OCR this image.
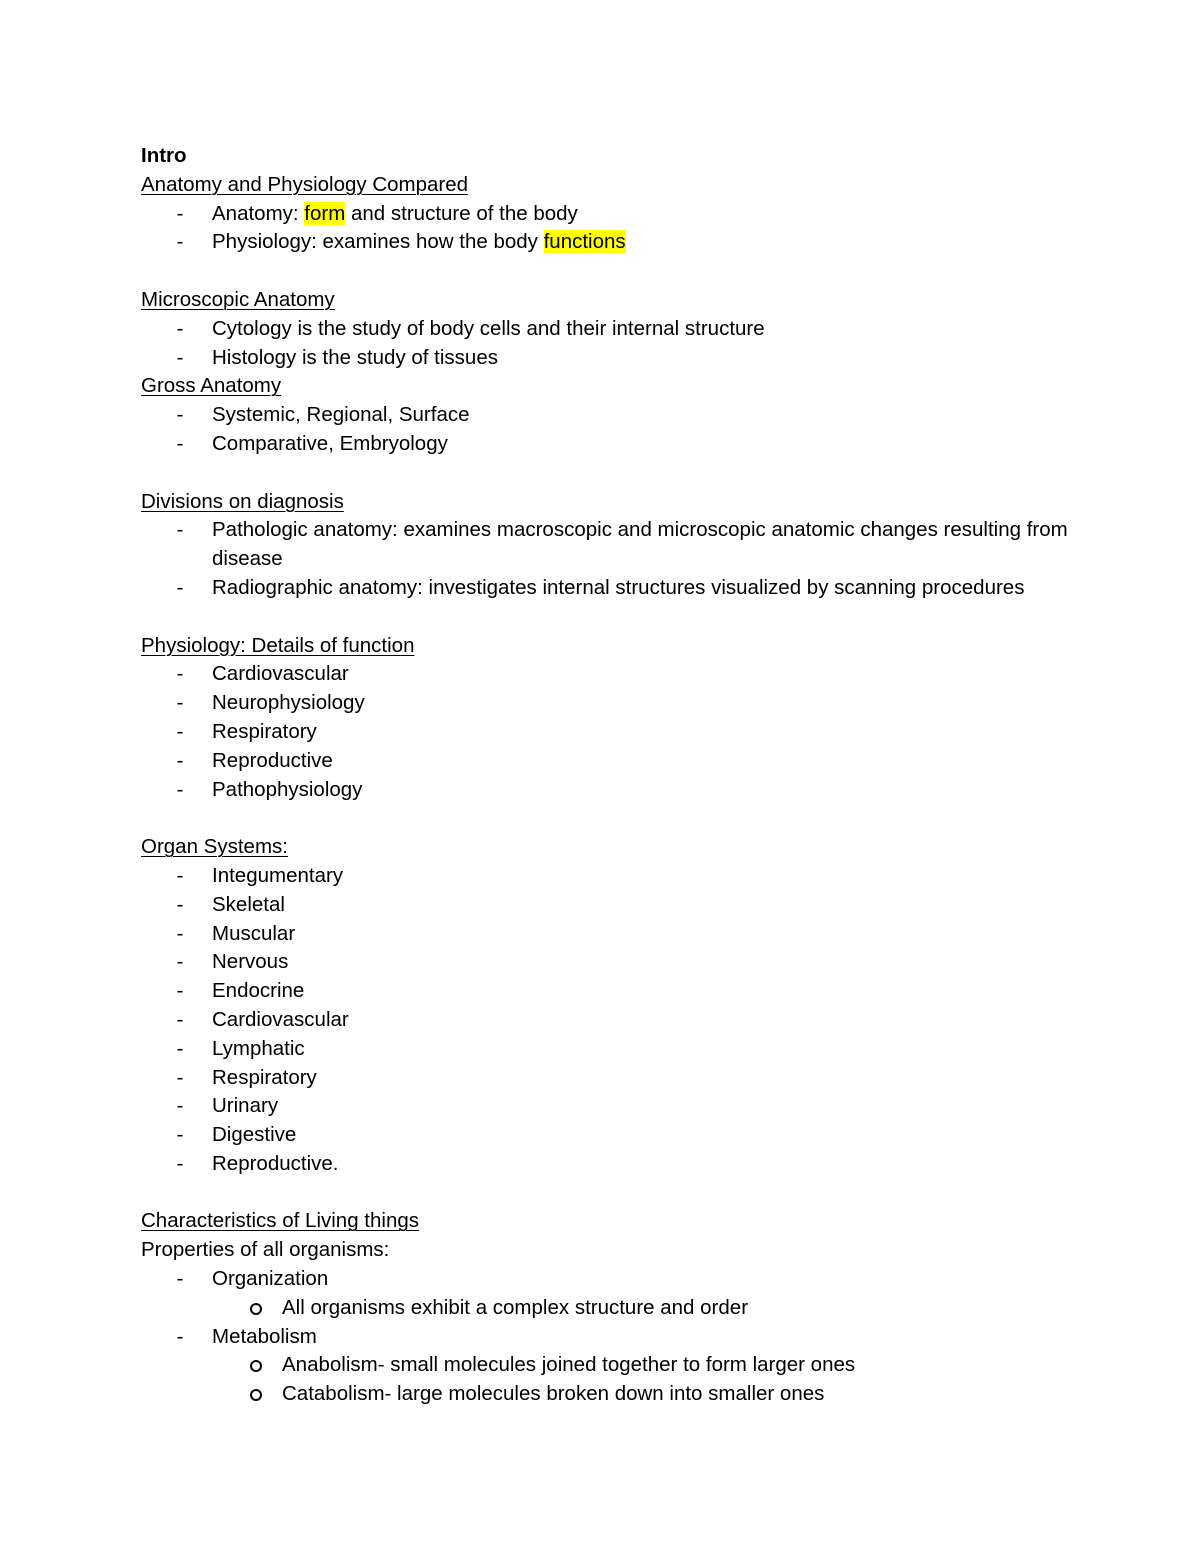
Intro
Anatomy and Physiology Compared
- Anatomy: form and structure of the body
- Physiology: examines how the body functions
Microscopic Anatomy
- Cytology is the study of body cells and their internal structure
- Histology is the study of tissues
Gross Anatomy
- Systemic, Regional, Surface
- Comparative, Embryology
Divisions on diagnosis
- Pathologic anatomy: examines macroscopic and microscopic anatomic changes resulting from disease
- Radiographic anatomy: investigates internal structures visualized by scanning procedures
Physiology: Details of function
- Cardiovascular
- Neurophysiology
- Respiratory
- Reproductive
- Pathophysiology
Organ Systems:
- Integumentary
- Skeletal
- Muscular
- Nervous
- Endocrine
- Cardiovascular
- Lymphatic
- Respiratory
- Urinary
- Digestive
- Reproductive.
Characteristics of Living things
Properties of all organisms:
- Organization
All organisms exhibit a complex structure and order
- Metabolism
Anabolism- small molecules joined together to form larger ones
Catabolism- large molecules broken down into smaller ones
